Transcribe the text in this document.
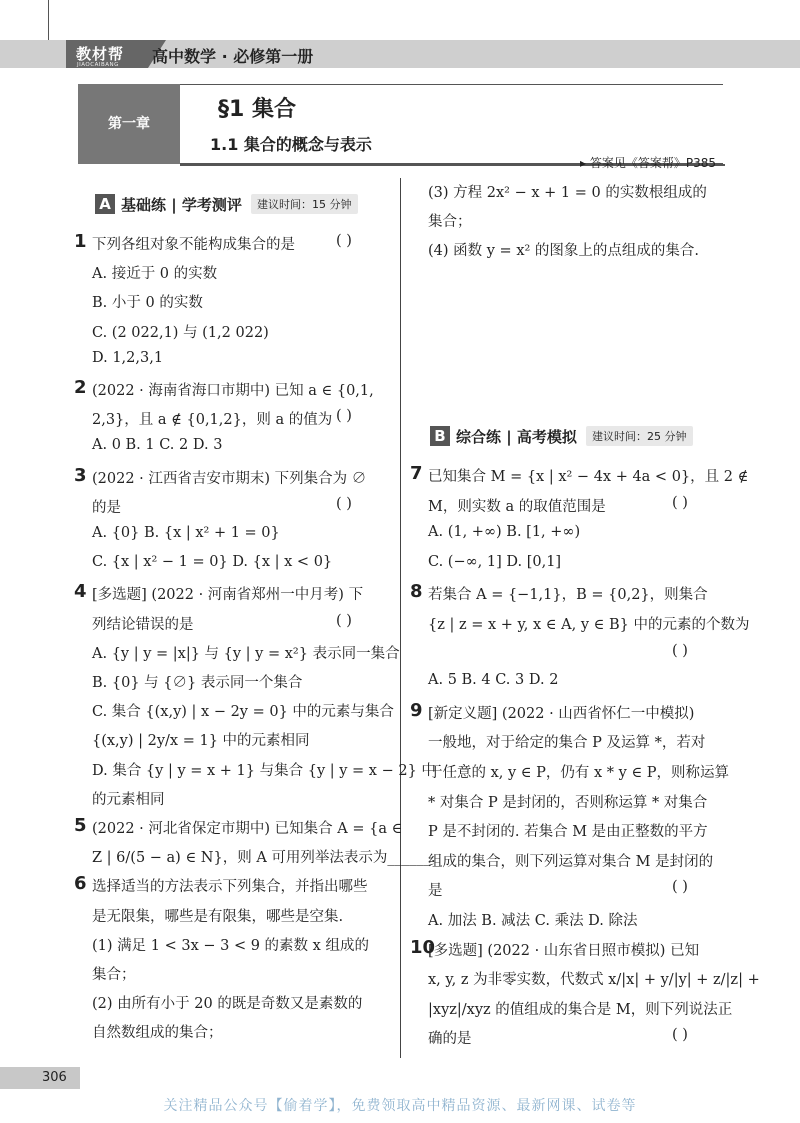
教材帮
JIAOCAIBANG 高中数学 · 必修第一册
第一章
§1 集合
1.1 集合的概念与表示
▸ 答案见《答案帮》P385
A 基础练 | 学考测评	建议时间：15 分钟
B 综合练 | 高考模拟	建议时间：25 分钟
1 下列各组对象不能构成集合的是	( )
A. 接近于 0 的实数
B. 小于 0 的实数
C. (2 022,1) 与 (1,2 022)
D. 1,2,3,1
2 (2022 · 海南省海口市期中) 已知 a ∈ {0,1,
2,3}，且 a ∉ {0,1,2}，则 a 的值为 ( )
A. 0 B. 1 C. 2 D. 3
3 (2022 · 江西省吉安市期末) 下列集合为 ∅
的是	( )
A. {0} B. {x | x² + 1 = 0}
C. {x | x² − 1 = 0} D. {x | x < 0}
4 [多选题] (2022 · 河南省郑州一中月考) 下
列结论错误的是	( )
A. {y | y = |x|} 与 {y | y = x²} 表示同一集合
B. {0} 与 {∅} 表示同一个集合
C. 集合 {(x,y) | x − 2y = 0} 中的元素与集合
{(x,y) | 2y/x = 1} 中的元素相同
D. 集合 {y | y = x + 1} 与集合 {y | y = x − 2} 中
的元素相同
5 (2022 · 河北省保定市期中) 已知集合 A = {a ∈
Z | 6/(5 − a) ∈ N}，则 A 可用列举法表示为______.
6 选择适当的方法表示下列集合，并指出哪些
是无限集，哪些是有限集，哪些是空集.
(1) 满足 1 < 3x − 3 < 9 的素数 x 组成的
集合；
(2) 由所有小于 20 的既是奇数又是素数的
自然数组成的集合；
(3) 方程 2x² − x + 1 = 0 的实数根组成的
集合；
(4) 函数 y = x² 的图象上的点组成的集合.
7 已知集合 M = {x | x² − 4x + 4a < 0}，且 2 ∉
M，则实数 a 的取值范围是	( )
A. (1, +∞) B. [1, +∞)
C. (−∞, 1] D. [0,1]
8 若集合 A = {−1,1}，B = {0,2}，则集合
{z | z = x + y, x ∈ A, y ∈ B} 中的元素的个数为
( )
A. 5 B. 4 C. 3 D. 2
9 [新定义题] (2022 · 山西省怀仁一中模拟)
一般地，对于给定的集合 P 及运算 *，若对
于任意的 x, y ∈ P，仍有 x * y ∈ P，则称运算
* 对集合 P 是封闭的，否则称运算 * 对集合
P 是不封闭的. 若集合 M 是由正整数的平方
组成的集合，则下列运算对集合 M 是封闭的
是	( )
A. 加法 B. 减法 C. 乘法 D. 除法
10
[多选题] (2022 · 山东省日照市模拟) 已知
x, y, z 为非零实数，代数式 x/|x| + y/|y| + z/|z| +
|xyz|/xyz 的值组成的集合是 M，则下列说法正
确的是	( )
306
关注精品公众号【偷着学】，免费领取高中精品资源、最新网课、试卷等
